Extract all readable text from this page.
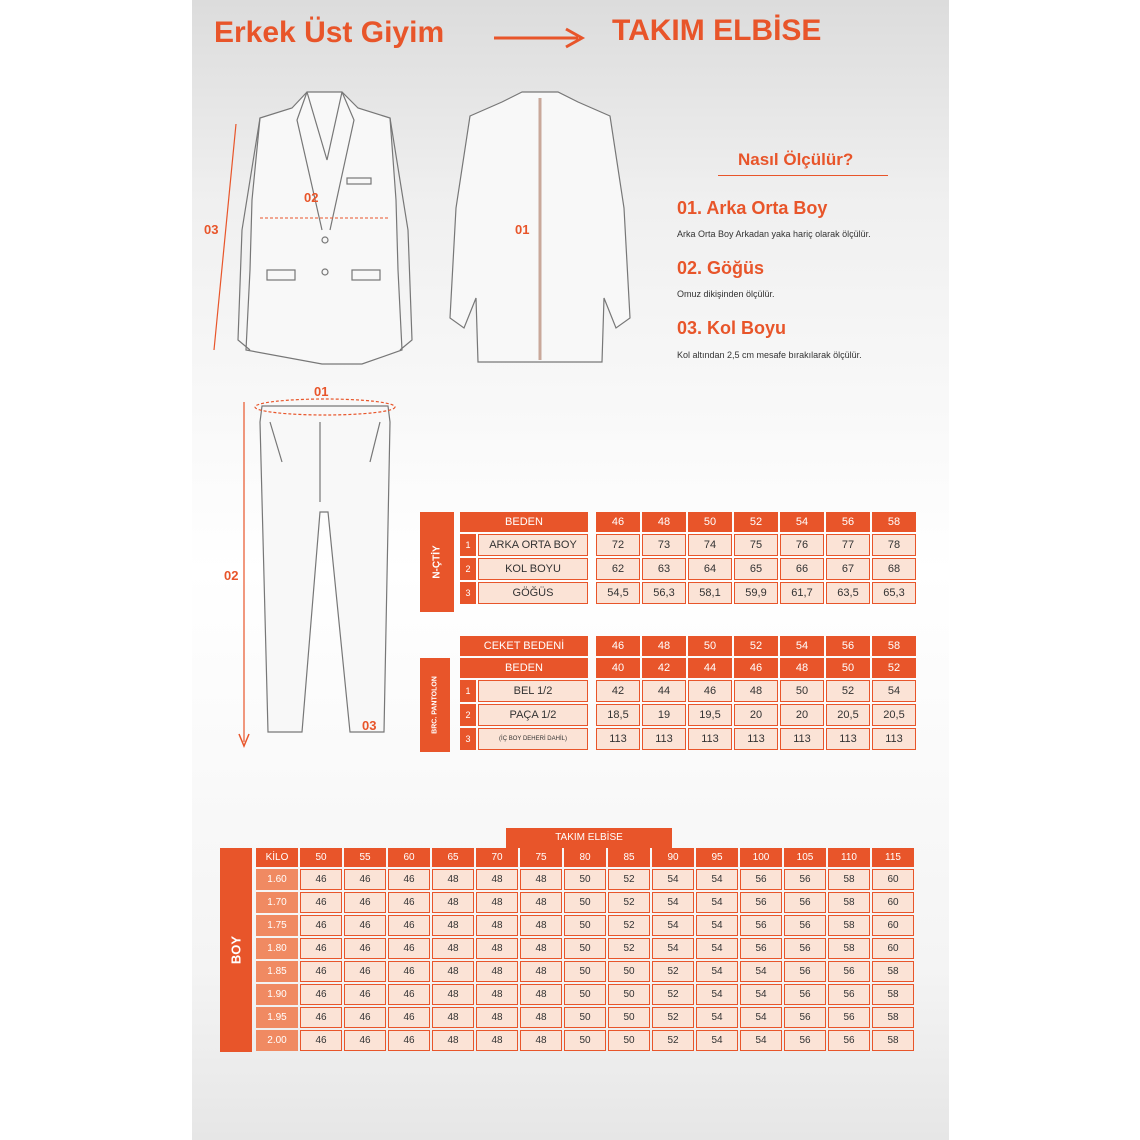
Erkek Üst Giyim	TAKIM ELBİSE
02
03	01
Nasıl Ölçülür?
01. Arka Orta Boy
Arka Orta Boy Arkadan yaka hariç olarak ölçülür.
02. Göğüs
Omuz dikişinden ölçülür.
03. Kol Boyu
Kol altından 2,5 cm mesafe bırakılarak ölçülür.
01
02
03
N-ÇTİY
BEDEN			46	48	50	52	54	56	58
1	ARKA ORTA BOY		72	73	74	75	76	77	78
2	KOL BOYU		62	63	64	65	66	67	68
3	GÖĞÜS		54,5	56,3	58,1	59,9	61,7	63,5	65,3
BRC. PANTOLON
CEKET BEDENİ			46	48	50	52	54	56	58
BEDEN			40	42	44	46	48	50	52
1	BEL 1/2		42	44	46	48	50	52	54
2	PAÇA 1/2		18,5	19	19,5	20	20	20,5	20,5
3	(İÇ BOY DEHERİ DAHİL)		113	113	113	113	113	113	113
TAKIM ELBİSE
BOY
KİLO	50	55	60	65	70	75	80	85	90	95	100	105	110	115
1.60	46	46	46	48	48	48	50	52	54	54	56	56	58	60
1.70	46	46	46	48	48	48	50	52	54	54	56	56	58	60
1.75	46	46	46	48	48	48	50	52	54	54	56	56	58	60
1.80	46	46	46	48	48	48	50	52	54	54	56	56	58	60
1.85	46	46	46	48	48	48	50	50	52	54	54	56	56	58
1.90	46	46	46	48	48	48	50	50	52	54	54	56	56	58
1.95	46	46	46	48	48	48	50	50	52	54	54	56	56	58
2.00	46	46	46	48	48	48	50	50	52	54	54	56	56	58
